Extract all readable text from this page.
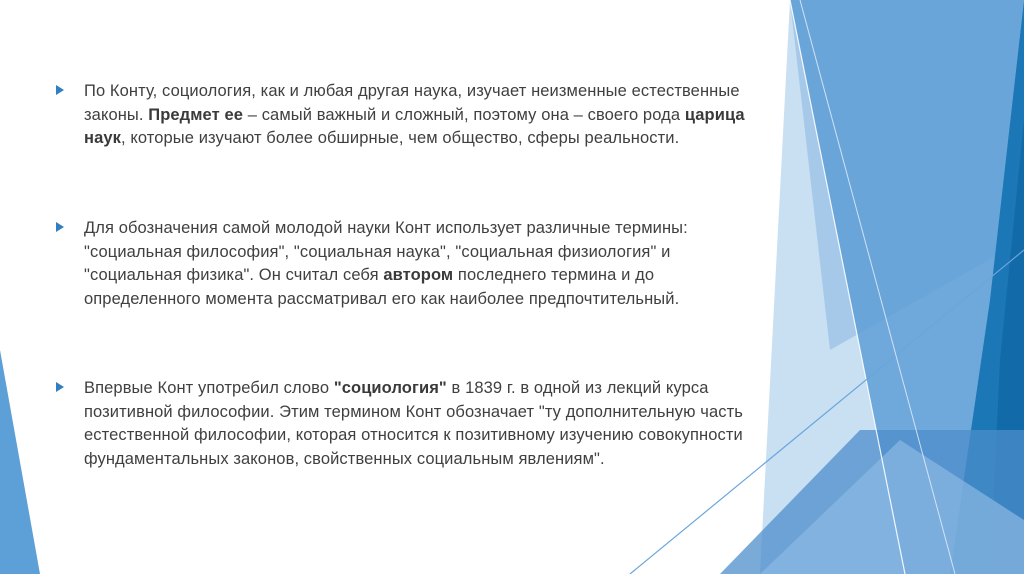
По Конту, социология, как и любая другая наука, изучает неизменные естественные законы. Предмет ее – самый важный и сложный, поэтому она – своего рода царица наук, которые изучают более обширные, чем общество, сферы реальности.
Для обозначения самой молодой науки Конт использует различные термины: "социальная философия", "социальная наука", "социальная физиология" и "социальная физика". Он считал себя автором последнего термина и до определенного момента рассматривал его как наиболее предпочтительный.
Впервые Конт употребил слово "социология" в 1839 г. в одной из лекций курса позитивной философии. Этим термином Конт обозначает "ту дополнительную часть естественной философии, которая относится к позитивному изучению совокупности фундаментальных законов, свойственных социальным явлениям".
